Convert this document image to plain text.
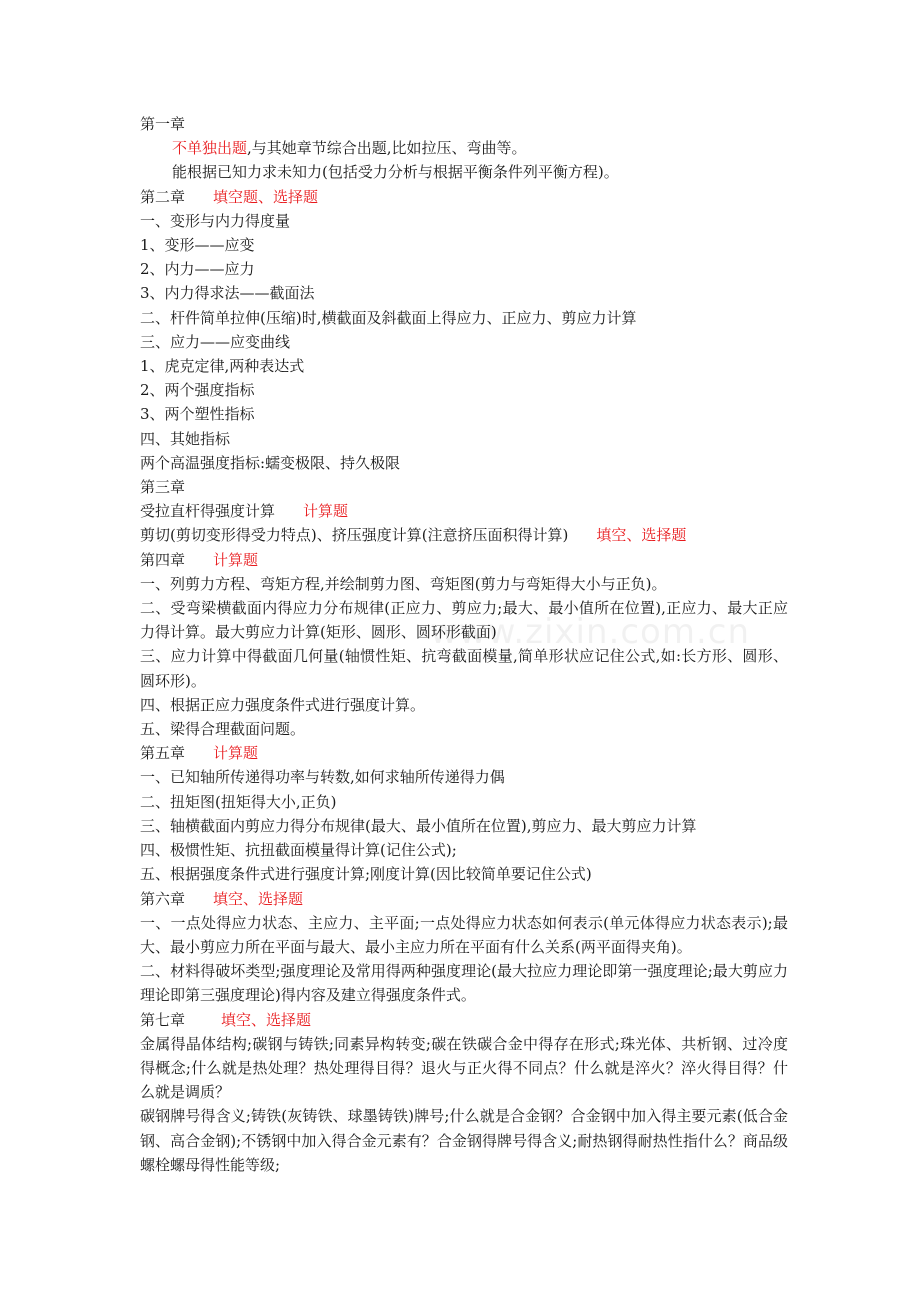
www.zixin.com.cn
第一章
不单独出题,与其她章节综合出题,比如拉压、弯曲等。
能根据已知力求未知力(包括受力分析与根据平衡条件列平衡方程)。
第二章 填空题、选择题
一、变形与内力得度量
1、变形——应变
2、内力——应力
3、内力得求法——截面法
二、杆件简单拉伸(压缩)时,横截面及斜截面上得应力、正应力、剪应力计算
三、应力——应变曲线
1、虎克定律,两种表达式
2、两个强度指标
3、两个塑性指标
四、其她指标
两个高温强度指标:蠕变极限、持久极限
第三章
受拉直杆得强度计算 计算题
剪切(剪切变形得受力特点)、挤压强度计算(注意挤压面积得计算) 填空、选择题
第四章 计算题
一、列剪力方程、弯矩方程,并绘制剪力图、弯矩图(剪力与弯矩得大小与正负)。
二、受弯梁横截面内得应力分布规律(正应力、剪应力;最大、最小值所在位置),正应力、最大正应力得计算。最大剪应力计算(矩形、圆形、圆环形截面)
三、应力计算中得截面几何量(轴惯性矩、抗弯截面模量,简单形状应记住公式,如:长方形、圆形、圆环形)。
四、根据正应力强度条件式进行强度计算。
五、梁得合理截面问题。
第五章 计算题
一、已知轴所传递得功率与转数,如何求轴所传递得力偶
二、扭矩图(扭矩得大小,正负)
三、轴横截面内剪应力得分布规律(最大、最小值所在位置),剪应力、最大剪应力计算
四、极惯性矩、抗扭截面模量得计算(记住公式);
五、根据强度条件式进行强度计算;刚度计算(因比较简单要记住公式)
第六章 填空、选择题
一、一点处得应力状态、主应力、主平面;一点处得应力状态如何表示(单元体得应力状态表示);最大、最小剪应力所在平面与最大、最小主应力所在平面有什么关系(两平面得夹角)。
二、材料得破坏类型;强度理论及常用得两种强度理论(最大拉应力理论即第一强度理论;最大剪应力理论即第三强度理论)得内容及建立得强度条件式。
第七章 填空、选择题
金属得晶体结构;碳钢与铸铁;同素异构转变;碳在铁碳合金中得存在形式;珠光体、共析钢、过冷度得概念;什么就是热处理？热处理得目得？退火与正火得不同点？什么就是淬火？淬火得目得？什么就是调质？
碳钢牌号得含义;铸铁(灰铸铁、球墨铸铁)牌号;什么就是合金钢？合金钢中加入得主要元素(低合金钢、高合金钢);不锈钢中加入得合金元素有？合金钢得牌号得含义;耐热钢得耐热性指什么？商品级螺栓螺母得性能等级;
